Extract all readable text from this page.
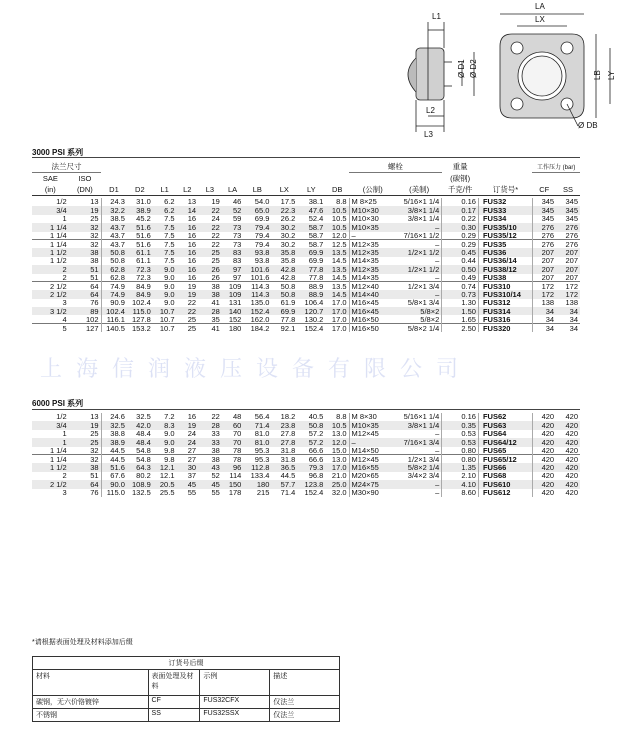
L1
L2
L3
Ø D1 Ø D2
LA
LX
LB LY
Ø DB
3000 PSI 系列
法兰尺寸												螺栓		重量		工作压力 (bar)	
SAE	ISO													(碳钢)			
(in)	(DN)	D1	D2	L1	L2	L3	LA	LB	LX	LY	DB	(公制)	(美制)	千克/件	订货号*	CF	SS
1/2	13	24.3	31.0	6.2	13	19	46	54.0	17.5	38.1	8.8	M 8×25	5/16×1 1/4	0.16	FUS32	345	345
3/4	19	32.2	38.9	6.2	14	22	52	65.0	22.3	47.6	10.5	M10×30	3/8×1 1/4	0.17	FUS33	345	345
1	25	38.5	45.2	7.5	16	24	59	69.9	26.2	52.4	10.5	M10×30	3/8×1 1/4	0.22	FUS34	345	345
1 1/4	32	43.7	51.6	7.5	16	22	73	79.4	30.2	58.7	10.5	M10×35	–	0.30	FUS35/10	276	276
1 1/4	32	43.7	51.6	7.5	16	22	73	79.4	30.2	58.7	12.0	–	7/16×1 1/2	0.29	FUS35/12	276	276
1 1/4	32	43.7	51.6	7.5	16	22	73	79.4	30.2	58.7	12.5	M12×35	–	0.29	FUS35	276	276
1 1/2	38	50.8	61.1	7.5	16	25	83	93.8	35.8	69.9	13.5	M12×35	1/2×1 1/2	0.45	FUS36	207	207
1 1/2	38	50.8	61.1	7.5	16	25	83	93.8	35.8	69.9	14.5	M14×35	–	0.44	FUS36/14	207	207
2	51	62.8	72.3	9.0	16	26	97	101.6	42.8	77.8	13.5	M12×35	1/2×1 1/2	0.50	FUS38/12	207	207
2	51	62.8	72.3	9.0	16	26	97	101.6	42.8	77.8	14.5	M14×35	–	0.49	FUS38	207	207
2 1/2	64	74.9	84.9	9.0	19	38	109	114.3	50.8	88.9	13.5	M12×40	1/2×1 3/4	0.74	FUS310	172	172
2 1/2	64	74.9	84.9	9.0	19	38	109	114.3	50.8	88.9	14.5	M14×40	–	0.73	FUS310/14	172	172
3	76	90.9	102.4	9.0	22	41	131	135.0	61.9	106.4	17.0	M16×45	5/8×1 3/4	1.30	FUS312	138	138
3 1/2	89	102.4	115.0	10.7	22	28	140	152.4	69.9	120.7	17.0	M16×45	5/8×2	1.50	FUS314	34	34
4	102	116.1	127.8	10.7	25	35	152	162.0	77.8	130.2	17.0	M16×50	5/8×2	1.65	FUS316	34	34
5	127	140.5	153.2	10.7	25	41	180	184.2	92.1	152.4	17.0	M16×50	5/8×2 1/4	2.50	FUS320	34	34
上海信润液压设备有限公司
6000 PSI 系列
1/2	13	24.6	32.5	7.2	16	22	48	56.4	18.2	40.5	8.8	M 8×30	5/16×1 1/4	0.16	FUS62	420	420
3/4	19	32.5	42.0	8.3	19	28	60	71.4	23.8	50.8	10.5	M10×35	3/8×1 1/4	0.35	FUS63	420	420
1	25	38.8	48.4	9.0	24	33	70	81.0	27.8	57.2	13.0	M12×45	–	0.53	FUS64	420	420
1	25	38.9	48.4	9.0	24	33	70	81.0	27.8	57.2	12.0	–	7/16×1 3/4	0.53	FUS64/12	420	420
1 1/4	32	44.5	54.8	9.8	27	38	78	95.3	31.8	66.6	15.0	M14×50	–	0.80	FUS65	420	420
1 1/4	32	44.5	54.8	9.8	27	38	78	95.3	31.8	66.6	13.0	M12×45	1/2×1 3/4	0.80	FUS65/12	420	420
1 1/2	38	51.6	64.3	12.1	30	43	96	112.8	36.5	79.3	17.0	M16×55	5/8×2 1/4	1.35	FUS66	420	420
2	51	67.6	80.2	12.1	37	52	114	133.4	44.5	96.8	21.0	M20×65	3/4×2 3/4	2.10	FUS68	420	420
2 1/2	64	90.0	108.9	20.5	45	45	150	180	57.7	123.8	25.0	M24×75	–	4.10	FUS610	420	420
3	76	115.0	132.5	25.5	55	55	178	215	71.4	152.4	32.0	M30×90	–	8.60	FUS612	420	420
*请根据表面处理及材料添加后缀
订货号后缀			
材料	表面处理及材料	示例	描述
碳钢，无六价铬镀锌	CF	FUS32CFX	仅法兰
不锈钢	SS	FUS32SSX	仅法兰
